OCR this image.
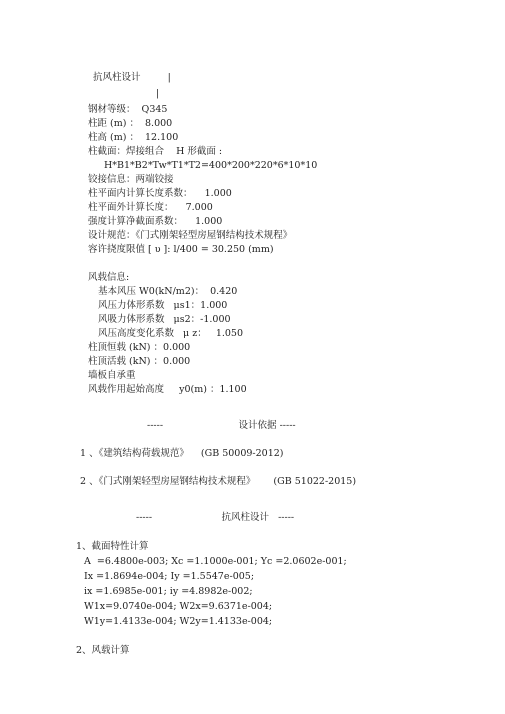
抗风柱设计         |
|
钢材等级：  Q345
柱距 (m) ：  8.000
柱高 (m) ：  12.100
柱截面：焊接组合    H 形截面 :
H*B1*B2*Tw*T1*T2=400*200*220*6*10*10
铰接信息：两端铰接
柱平面内计算长度系数：    1.000
柱平面外计算长度：    7.000
强度计算净截面系数：    1.000
设计规范：《门式刚架轻型房屋钢结构技术规程》
容许挠度限值 [ υ ]: l/400 = 30.250 (mm)
风载信息:
基本风压 W0(kN/m2)：  0.420
风压力体形系数   μs1：1.000
风吸力体形系数   μs2：-1.000
风压高度变化系数   μ z：   1.050
柱顶恒载 (kN) ：0.000
柱顶活载 (kN) ：0.000
墙板自承重
风载作用起始高度     y0(m) ：1.100
-----                         设计依据 -----
1 、《建筑结构荷载规范》    (GB 50009-2012)
2 、《门式刚架轻型房屋钢结构技术规程》      (GB 51022-2015)
-----                       抗风柱设计   -----
1、截面特性计算
A  =6.4800e-003; Xc =1.1000e-001; Yc =2.0602e-001;
Ix =1.8694e-004; Iy =1.5547e-005;
ix =1.6985e-001; iy =4.8982e-002;
W1x=9.0740e-004; W2x=9.6371e-004;
W1y=1.4133e-004; W2y=1.4133e-004;
2、风载计算
